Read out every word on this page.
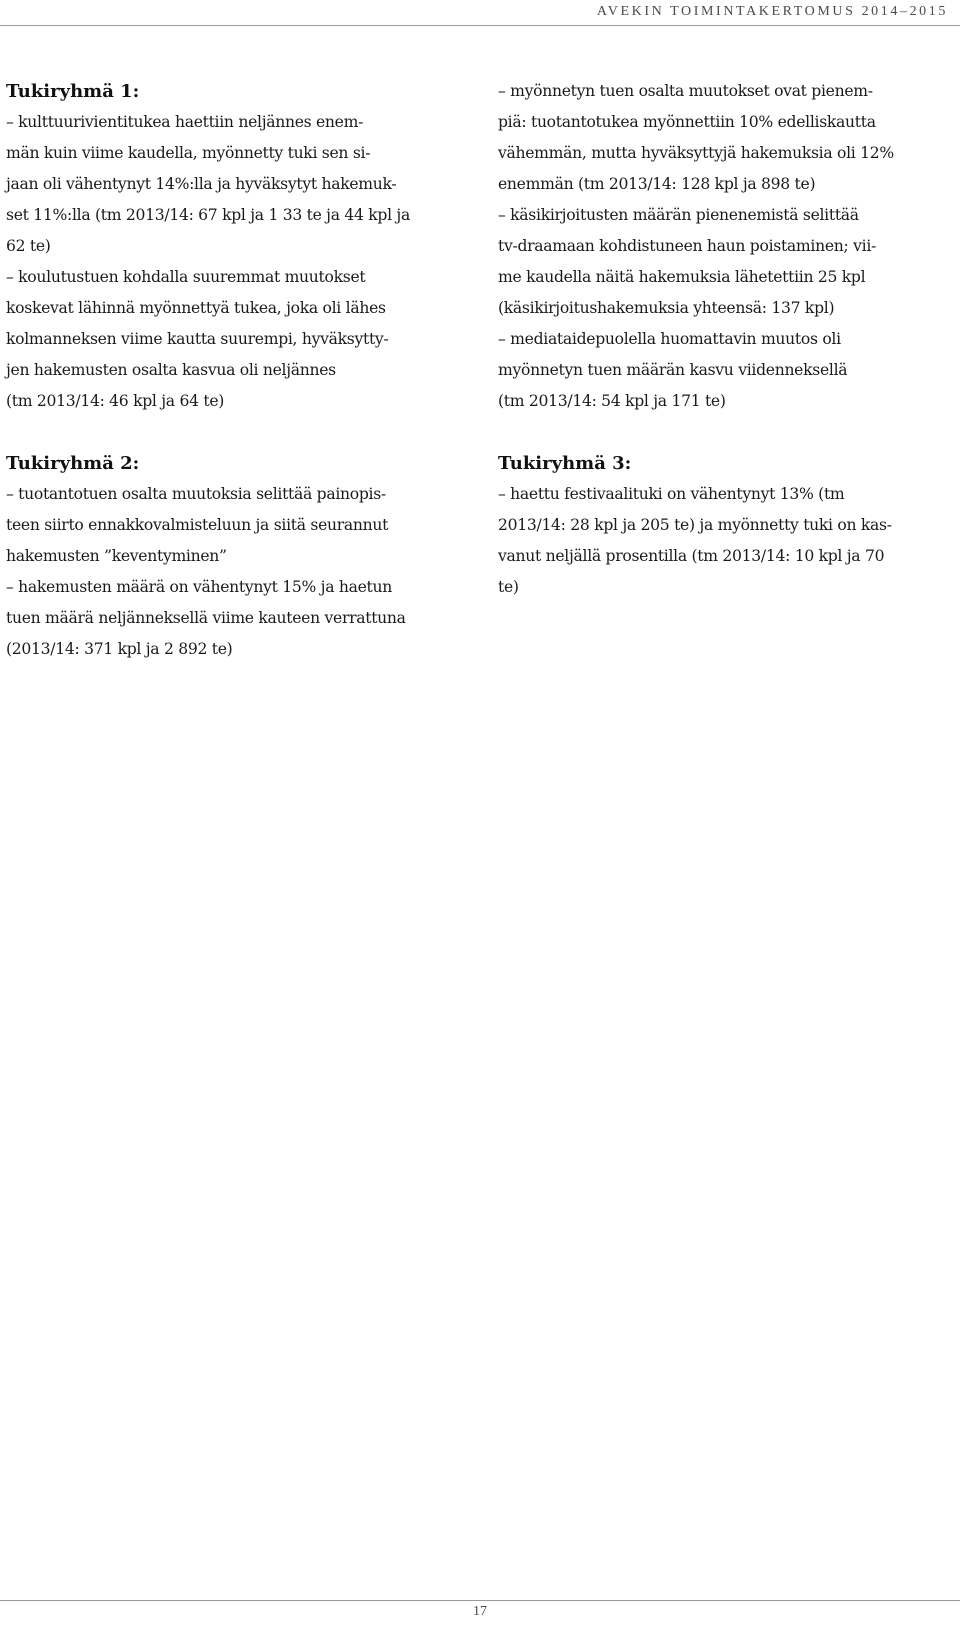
AVEKIN TOIMINTAKERTOMUS 2014–2015
Tukiryhmä 1:

– kulttuurivientitukea haettiin neljännes enem-
män kuin viime kaudella, myönnetty tuki sen si-
jaan oli vähentynyt 14%:lla ja hyväksytyt hakemuk-
set 11%:lla (tm 2013/14: 67 kpl ja 1 33 te ja 44 kpl ja
62 te)
– koulutustuen kohdalla suuremmat muutokset
koskevat lähinnä myönnettyä tukea, joka oli lähes
kolmanneksen viime kautta suurempi, hyväksytty-
jen hakemusten osalta kasvua oli neljännes
(tm 2013/14: 46 kpl ja 64 te)

Tukiryhmä 2:

– tuotantotuen osalta muutoksia selittää painopis-
teen siirto ennakkovalmisteluun ja siitä seurannut
hakemusten ”keventyminen”
– hakemusten määrä on vähentynyt 15% ja haetun
tuen määrä neljänneksellä viime kauteen verrattuna
(2013/14: 371 kpl ja 2 892 te)

– myönnetyn tuen osalta muutokset ovat pienem-
piä: tuotantotukea myönnettiin 10% edelliskautta
vähemmän, mutta hyväksyttyjä hakemuksia oli 12%
enemmän (tm 2013/14: 128 kpl ja 898 te)
– käsikirjoitusten määrän pienenemistä selittää
tv-draamaan kohdistuneen haun poistaminen; vii-
me kaudella näitä hakemuksia lähetettiin 25 kpl
(käsikirjoitushakemuksia yhteensä: 137 kpl)
– mediataidepuolella huomattavin muutos oli
myönnetyn tuen määrän kasvu viidenneksellä
(tm 2013/14: 54 kpl ja 171 te)

Tukiryhmä 3:

– haettu festivaalituki on vähentynyt 13% (tm
2013/14: 28 kpl ja 205 te) ja myönnetty tuki on kas-
vanut neljällä prosentilla (tm 2013/14: 10 kpl ja 70
te)

17
